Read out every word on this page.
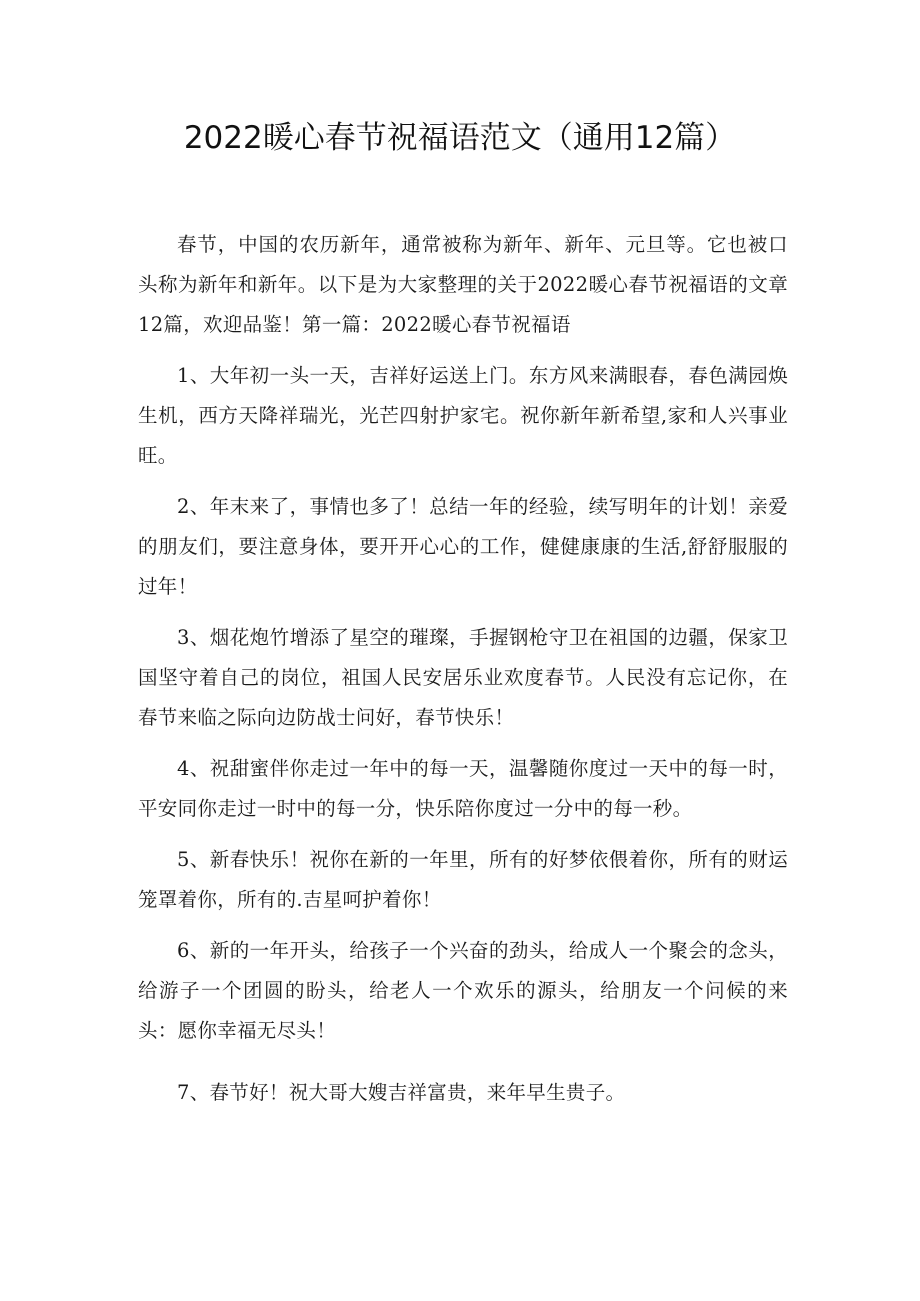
2022暖心春节祝福语范文（通用12篇）

春节，中国的农历新年，通常被称为新年、新年、元旦等。它也被口头称为新年和新年。以下是为大家整理的关于2022暖心春节祝福语的文章12篇，欢迎品鉴！第一篇：2022暖心春节祝福语

1、大年初一头一天，吉祥好运送上门。东方风来满眼春，春色满园焕生机，西方天降祥瑞光，光芒四射护家宅。祝你新年新希望,家和人兴事业旺。

2、年末来了，事情也多了！总结一年的经验，续写明年的计划！亲爱的朋友们，要注意身体，要开开心心的工作，健健康康的生活,舒舒服服的过年！

3、烟花炮竹增添了星空的璀璨，手握钢枪守卫在祖国的边疆，保家卫国坚守着自己的岗位，祖国人民安居乐业欢度春节。人民没有忘记你，在春节来临之际向边防战士问好，春节快乐！

4、祝甜蜜伴你走过一年中的每一天，温馨随你度过一天中的每一时，平安同你走过一时中的每一分，快乐陪你度过一分中的每一秒。

5、新春快乐！祝你在新的一年里，所有的好梦依偎着你，所有的财运笼罩着你，所有的.吉星呵护着你！

6、新的一年开头，给孩子一个兴奋的劲头，给成人一个聚会的念头，给游子一个团圆的盼头，给老人一个欢乐的源头，给朋友一个问候的来头：愿你幸福无尽头！

7、春节好！祝大哥大嫂吉祥富贵，来年早生贵子。
